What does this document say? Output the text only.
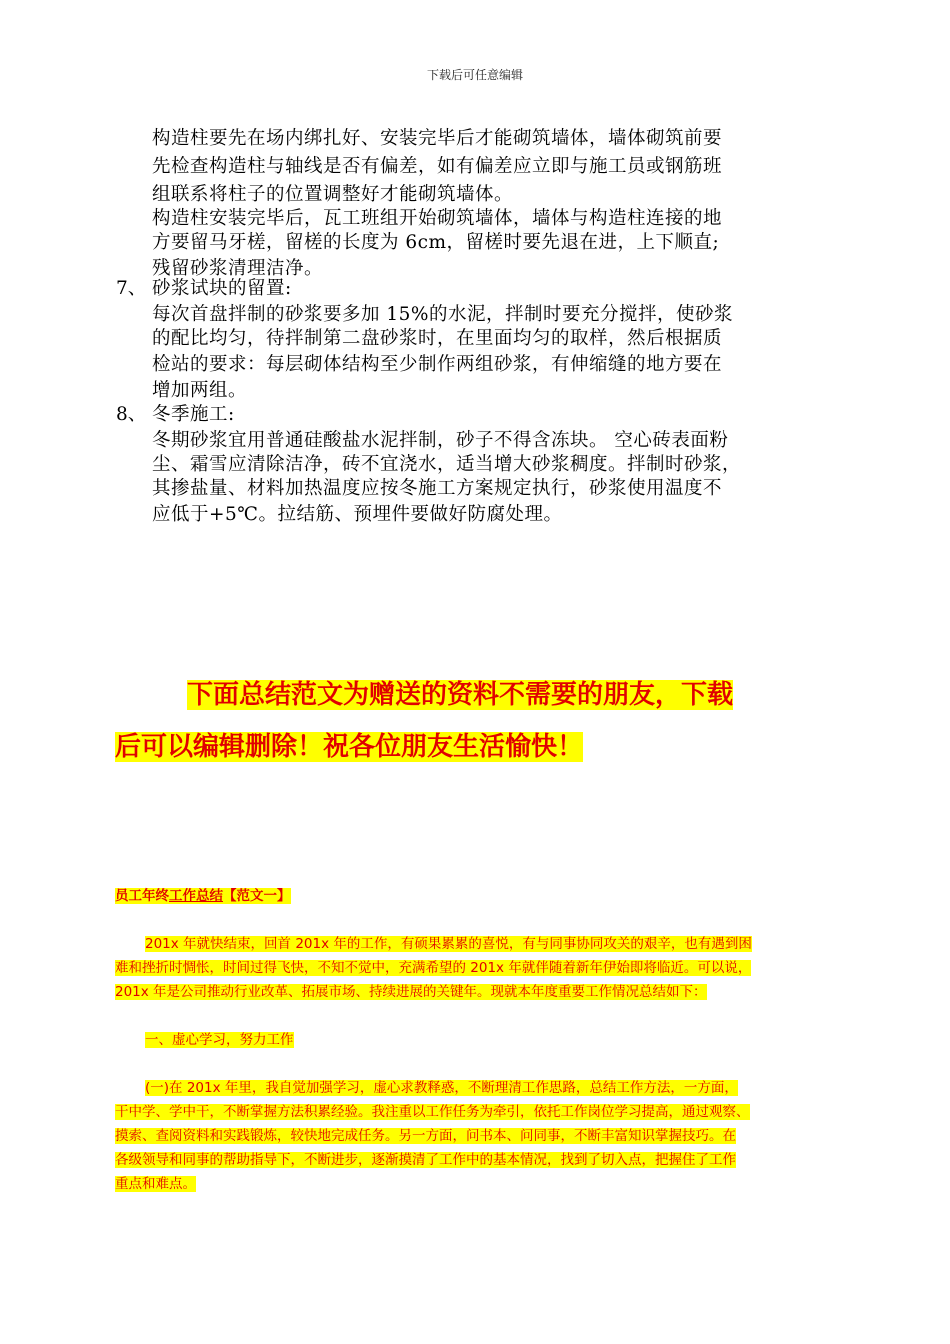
下载后可任意编辑
构造柱要先在场内绑扎好、安装完毕后才能砌筑墙体，墙体砌筑前要
先检查构造柱与轴线是否有偏差，如有偏差应立即与施工员或钢筋班
组联系将柱子的位置调整好才能砌筑墙体。
构造柱安装完毕后，瓦工班组开始砌筑墙体，墙体与构造柱连接的地
方要留马牙槎，留槎的长度为 6cm，留槎时要先退在进，上下顺直;
残留砂浆清理洁净。
7、 砂浆试块的留置:
每次首盘拌制的砂浆要多加 15%的水泥，拌制时要充分搅拌，使砂浆
的配比均匀，待拌制第二盘砂浆时，在里面均匀的取样，然后根据质
检站的要求：每层砌体结构至少制作两组砂浆，有伸缩缝的地方要在
增加两组。
8、 冬季施工:
冬期砂浆宜用普通硅酸盐水泥拌制，砂子不得含冻块。 空心砖表面粉
尘、霜雪应清除洁净，砖不宜浇水，适当增大砂浆稠度。拌制时砂浆，
其掺盐量、材料加热温度应按冬施工方案规定执行，砂浆使用温度不
应低于+5℃。拉结筋、预埋件要做好防腐处理。
下面总结范文为赠送的资料不需要的朋友，下载
后可以编辑删除！祝各位朋友生活愉快！
员工年终工作总结【范文一】
201x 年就快结束，回首 201x 年的工作，有硕果累累的喜悦，有与同事协同攻关的艰辛，也有遇到困
难和挫折时惆怅，时间过得飞快，不知不觉中，充满希望的 201x 年就伴随着新年伊始即将临近。可以说，
201x 年是公司推动行业改革、拓展市场、持续进展的关键年。现就本年度重要工作情况总结如下：
一、虚心学习，努力工作
(一)在 201x 年里，我自觉加强学习，虚心求教释惑，不断理清工作思路，总结工作方法，一方面，
干中学、学中干，不断掌握方法积累经验。我注重以工作任务为牵引，依托工作岗位学习提高，通过观察、
摸索、查阅资料和实践锻炼，较快地完成任务。另一方面，问书本、问同事，不断丰富知识掌握技巧。在
各级领导和同事的帮助指导下，不断进步，逐渐摸清了工作中的基本情况，找到了切入点，把握住了工作
重点和难点。
